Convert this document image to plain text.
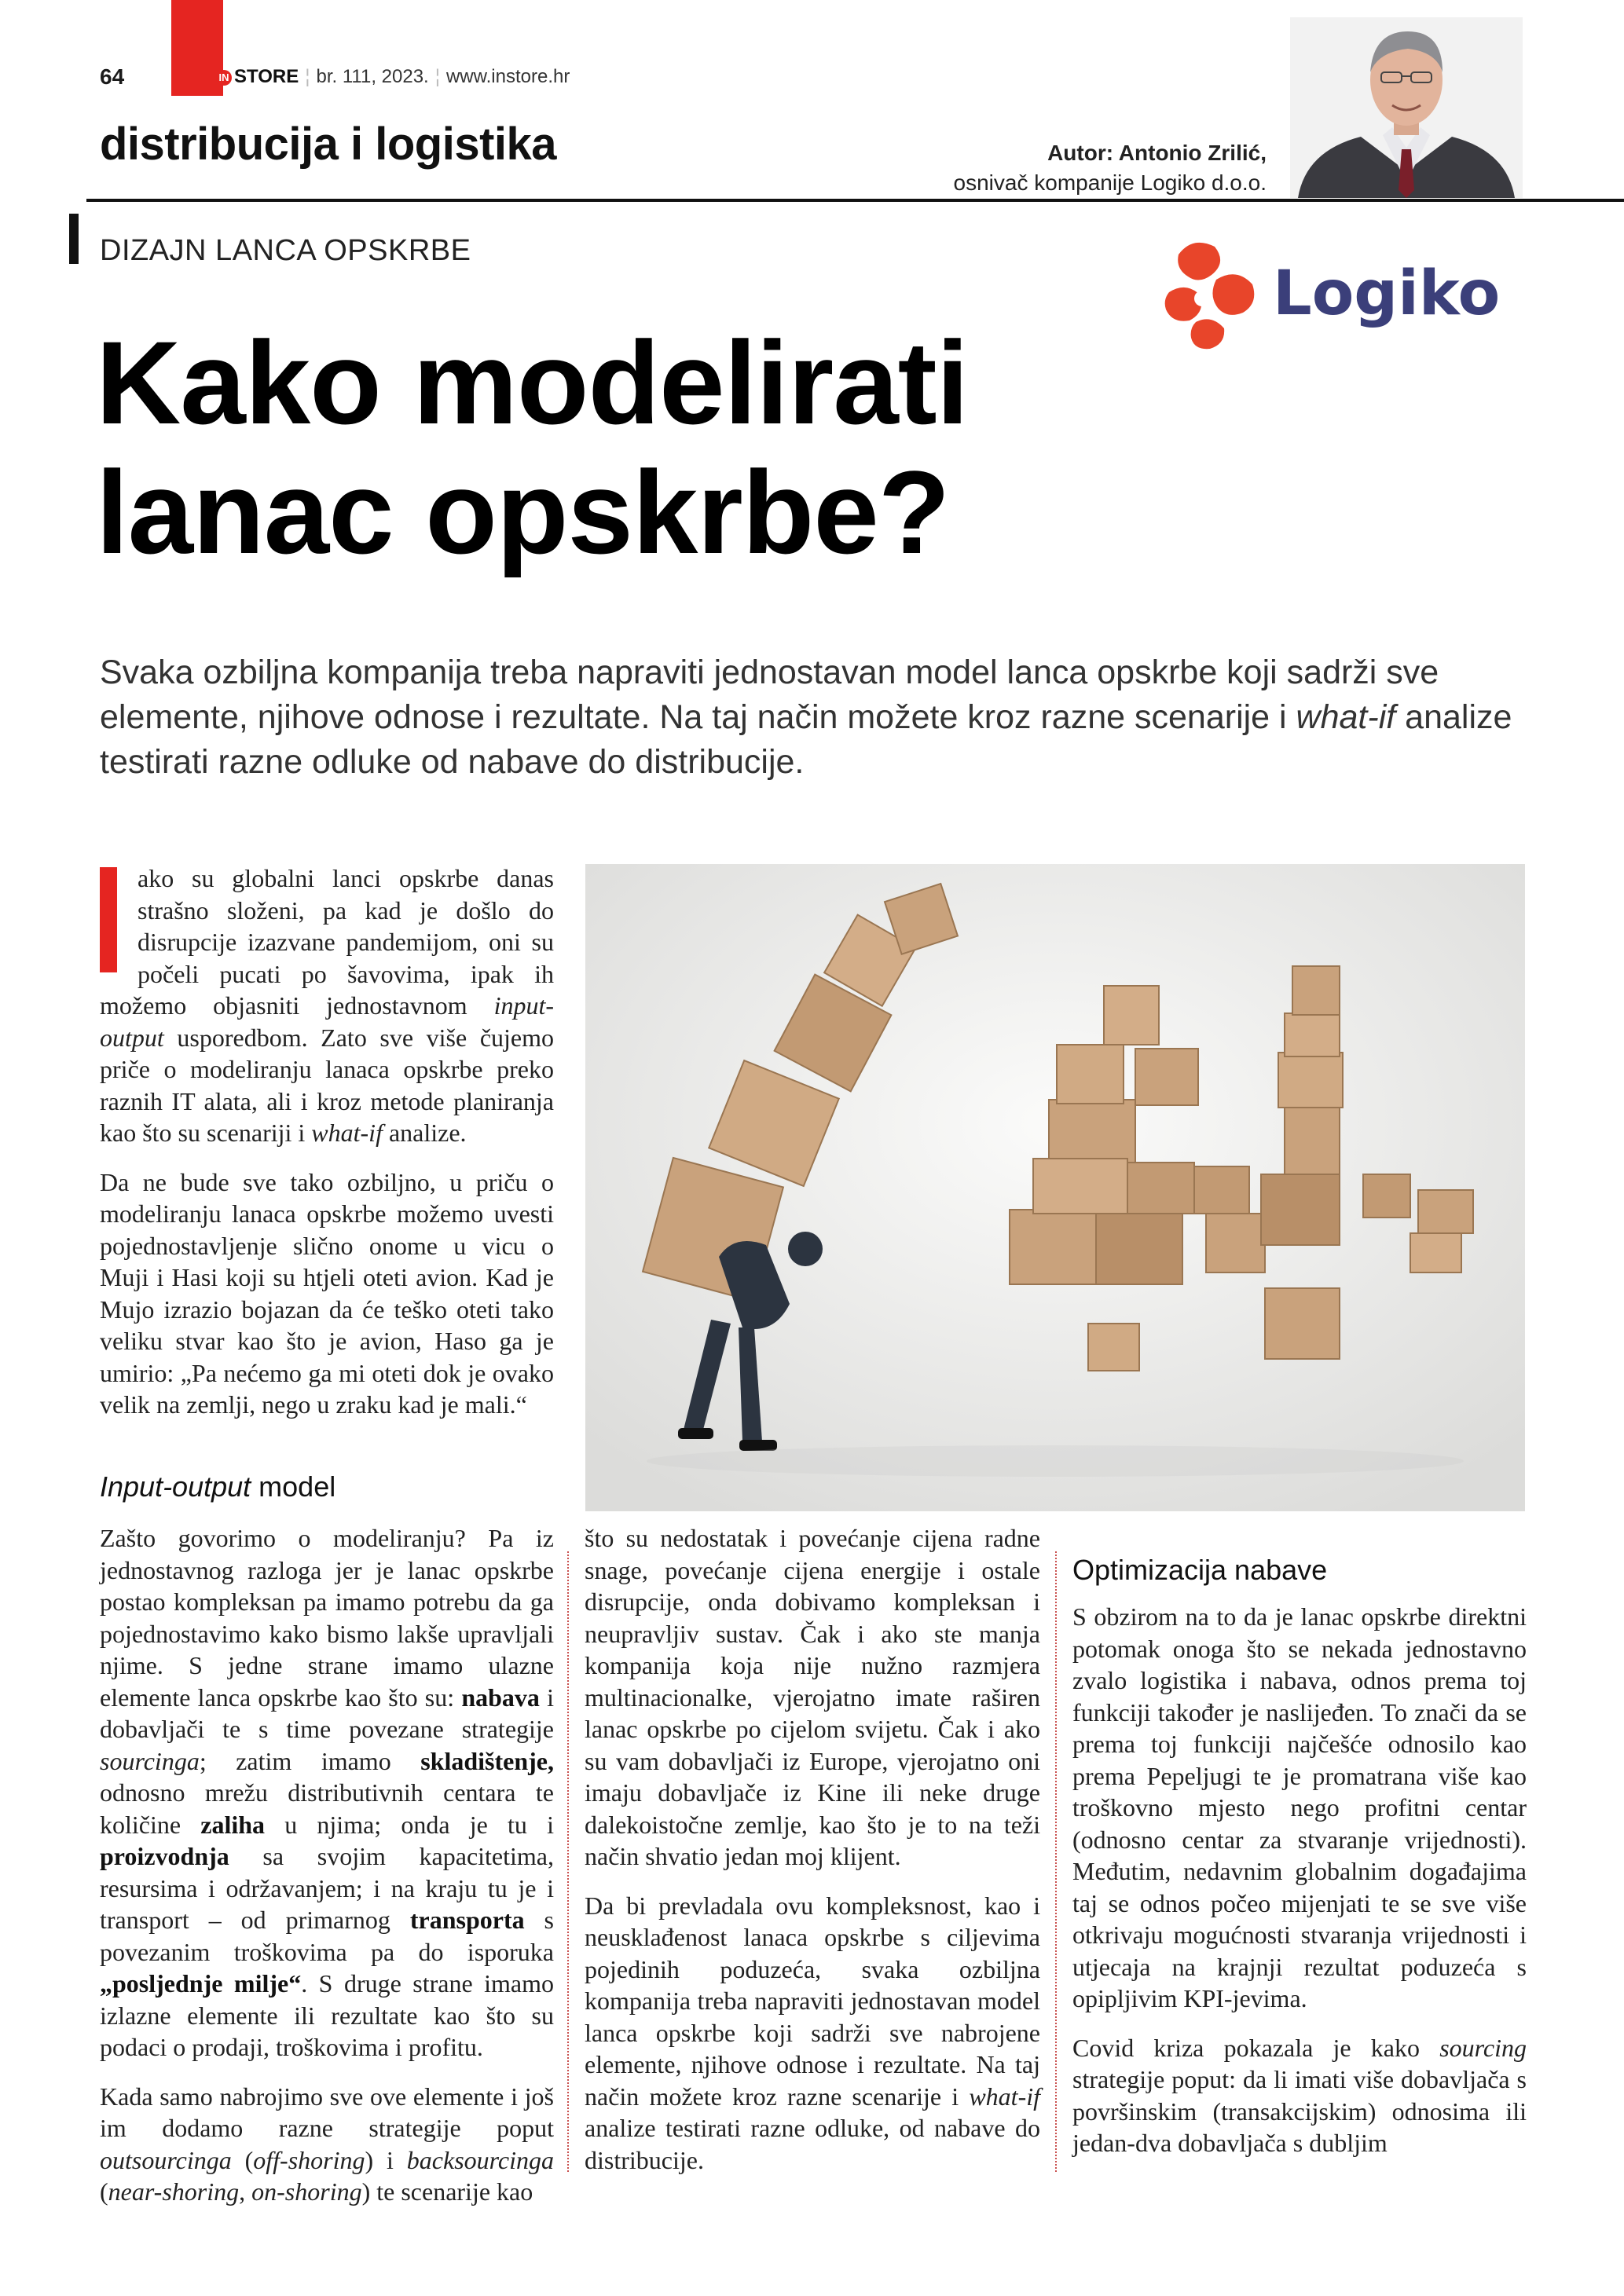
64	IN STORE ¦ br. 111, 2023. ¦ www.instore.hr
distribucija i logistika	Autor: Antonio Zrilić,
osnivač kompanije Logiko d.o.o.
DIZAJN LANCA OPSKRBE
Logiko
Kako modelirati
lanac opskrbe?
Svaka ozbiljna kompanija treba napraviti jednostavan model lanca opskrbe koji sadrži sve elemente, njihove odnose i rezultate. Na taj način možete kroz razne scenarije i what-if analize testirati razne odluke od nabave do distribucije.

ako su globalni lanci opskrbe danas strašno složeni, pa kad je došlo do disrupcije izazvane pandemijom, oni su počeli pucati po šavovima, ipak ih možemo objasniti jednostavnom input-output usporedbom. Zato sve više čujemo priče o modeliranju lanaca opskrbe preko raznih IT alata, ali i kroz metode planiranja kao što su scenariji i what-if analize.

Da ne bude sve tako ozbiljno, u priču o modeliranju lanaca opskrbe možemo uvesti pojednostavljenje slično onome u vicu o Muji i Hasi koji su htjeli oteti avion. Kad je Mujo izrazio bojazan da će teško oteti tako veliku stvar kao što je avion, Haso ga je umirio: „Pa nećemo ga mi oteti dok je ovako velik na zemlji, nego u zraku kad je mali.“

Input-output model

Zašto govorimo o modeliranju? Pa iz jednostavnog razloga jer je lanac opskrbe postao kompleksan pa imamo potrebu da ga pojednostavimo kako bismo lakše upravljali njime. S jedne strane imamo ulazne elemente lanca opskrbe kao što su: nabava i dobavljači te s time povezane strategije sourcinga; zatim imamo skladištenje, odnosno mrežu distributivnih centara te količine zaliha u njima; onda je tu i proizvodnja sa svojim kapacitetima, resursima i održavanjem; i na kraju tu je i transport – od primarnog transporta s povezanim troškovima pa do isporuka „posljednje milje“. S druge strane imamo izlazne elemente ili rezultate kao što su podaci o prodaji, troškovima i profitu.

Kada samo nabrojimo sve ove elemente i još im dodamo razne strategije poput outsourcinga (off-shoring) i backsourcinga (near-shoring, on-shoring) te scenarije kao

što su nedostatak i povećanje cijena radne snage, povećanje cijena energije i ostale disrupcije, onda dobivamo kompleksan i neupravljiv sustav. Čak i ako ste manja kompanija koja nije nužno razmjera multinacionalke, vjerojatno imate raširen lanac opskrbe po cijelom svijetu. Čak i ako su vam dobavljači iz Europe, vjerojatno oni imaju dobavljače iz Kine ili neke druge dalekoistočne zemlje, kao što je to na teži način shvatio jedan moj klijent.

Da bi prevladala ovu kompleksnost, kao i neusklađenost lanaca opskrbe s ciljevima pojedinih poduzeća, svaka ozbiljna kompanija treba napraviti jednostavan model lanca opskrbe koji sadrži sve nabrojene elemente, njihove odnose i rezultate. Na taj način možete kroz razne scenarije i what-if analize testirati razne odluke, od nabave do distribucije.

Optimizacija nabave

S obzirom na to da je lanac opskrbe direktni potomak onoga što se nekada jednostavno zvalo logistika i nabava, odnos prema toj funkciji također je naslijeđen. To znači da se prema toj funkciji najčešće odnosilo kao prema Pepeljugi te je promatrana više kao troškovno mjesto nego profitni centar (odnosno centar za stvaranje vrijednosti). Međutim, nedavnim globalnim događajima taj se odnos počeo mijenjati te se sve više otkrivaju mogućnosti stvaranja vrijednosti i utjecaja na krajnji rezultat poduzeća s opipljivim KPI-jevima.

Covid kriza pokazala je kako sourcing strategije poput: da li imati više dobavljača s površinskim (transakcijskim) odnosima ili jedan-dva dobavljača s dubljim
